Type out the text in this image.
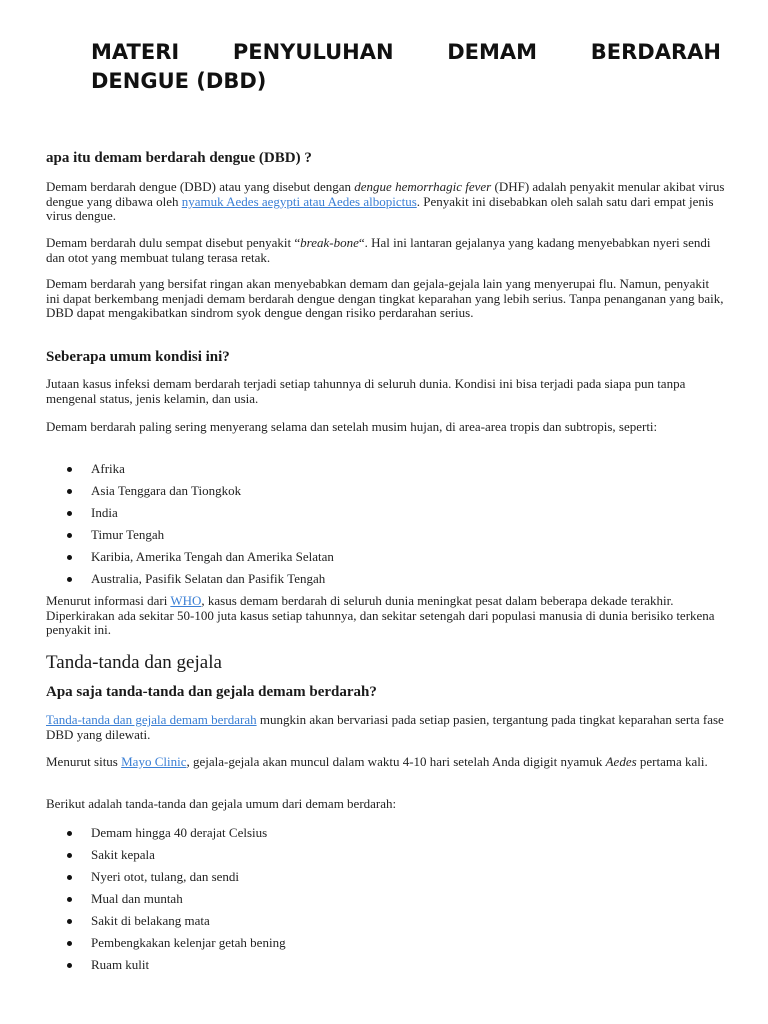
MATERI	PENYULUHAN	DEMAM	BERDARAH
DENGUE (DBD)
apa itu demam berdarah dengue (DBD) ?

Demam berdarah dengue (DBD) atau yang disebut dengan dengue hemorrhagic fever (DHF) adalah penyakit menular akibat virus dengue yang dibawa oleh nyamuk Aedes aegypti atau Aedes albopictus. Penyakit ini disebabkan oleh salah satu dari empat jenis virus dengue.

Demam berdarah dulu sempat disebut penyakit “break-bone“. Hal ini lantaran gejalanya yang kadang menyebabkan nyeri sendi dan otot yang membuat tulang terasa retak.

Demam berdarah yang bersifat ringan akan menyebabkan demam dan gejala-gejala lain yang menyerupai flu. Namun, penyakit ini dapat berkembang menjadi demam berdarah dengue dengan tingkat keparahan yang lebih serius. Tanpa penanganan yang baik, DBD dapat mengakibatkan sindrom syok dengue dengan risiko perdarahan serius.

Seberapa umum kondisi ini?

Jutaan kasus infeksi demam berdarah terjadi setiap tahunnya di seluruh dunia. Kondisi ini bisa terjadi pada siapa pun tanpa mengenal status, jenis kelamin, dan usia.

Demam berdarah paling sering menyerang selama dan setelah musim hujan, di area-area tropis dan subtropis, seperti:

Afrika
Asia Tenggara dan Tiongkok
India
Timur Tengah
Karibia, Amerika Tengah dan Amerika Selatan
Australia, Pasifik Selatan dan Pasifik Tengah

Menurut informasi dari WHO, kasus demam berdarah di seluruh dunia meningkat pesat dalam beberapa dekade terakhir. Diperkirakan ada sekitar 50-100 juta kasus setiap tahunnya, dan sekitar setengah dari populasi manusia di dunia berisiko terkena penyakit ini.

Tanda-tanda dan gejala
Apa saja tanda-tanda dan gejala demam berdarah?

Tanda-tanda dan gejala demam berdarah mungkin akan bervariasi pada setiap pasien, tergantung pada tingkat keparahan serta fase DBD yang dilewati.

Menurut situs Mayo Clinic, gejala-gejala akan muncul dalam waktu 4-10 hari setelah Anda digigit nyamuk Aedes pertama kali.

Berikut adalah tanda-tanda dan gejala umum dari demam berdarah:

Demam hingga 40 derajat Celsius
Sakit kepala
Nyeri otot, tulang, dan sendi
Mual dan muntah
Sakit di belakang mata
Pembengkakan kelenjar getah bening
Ruam kulit
